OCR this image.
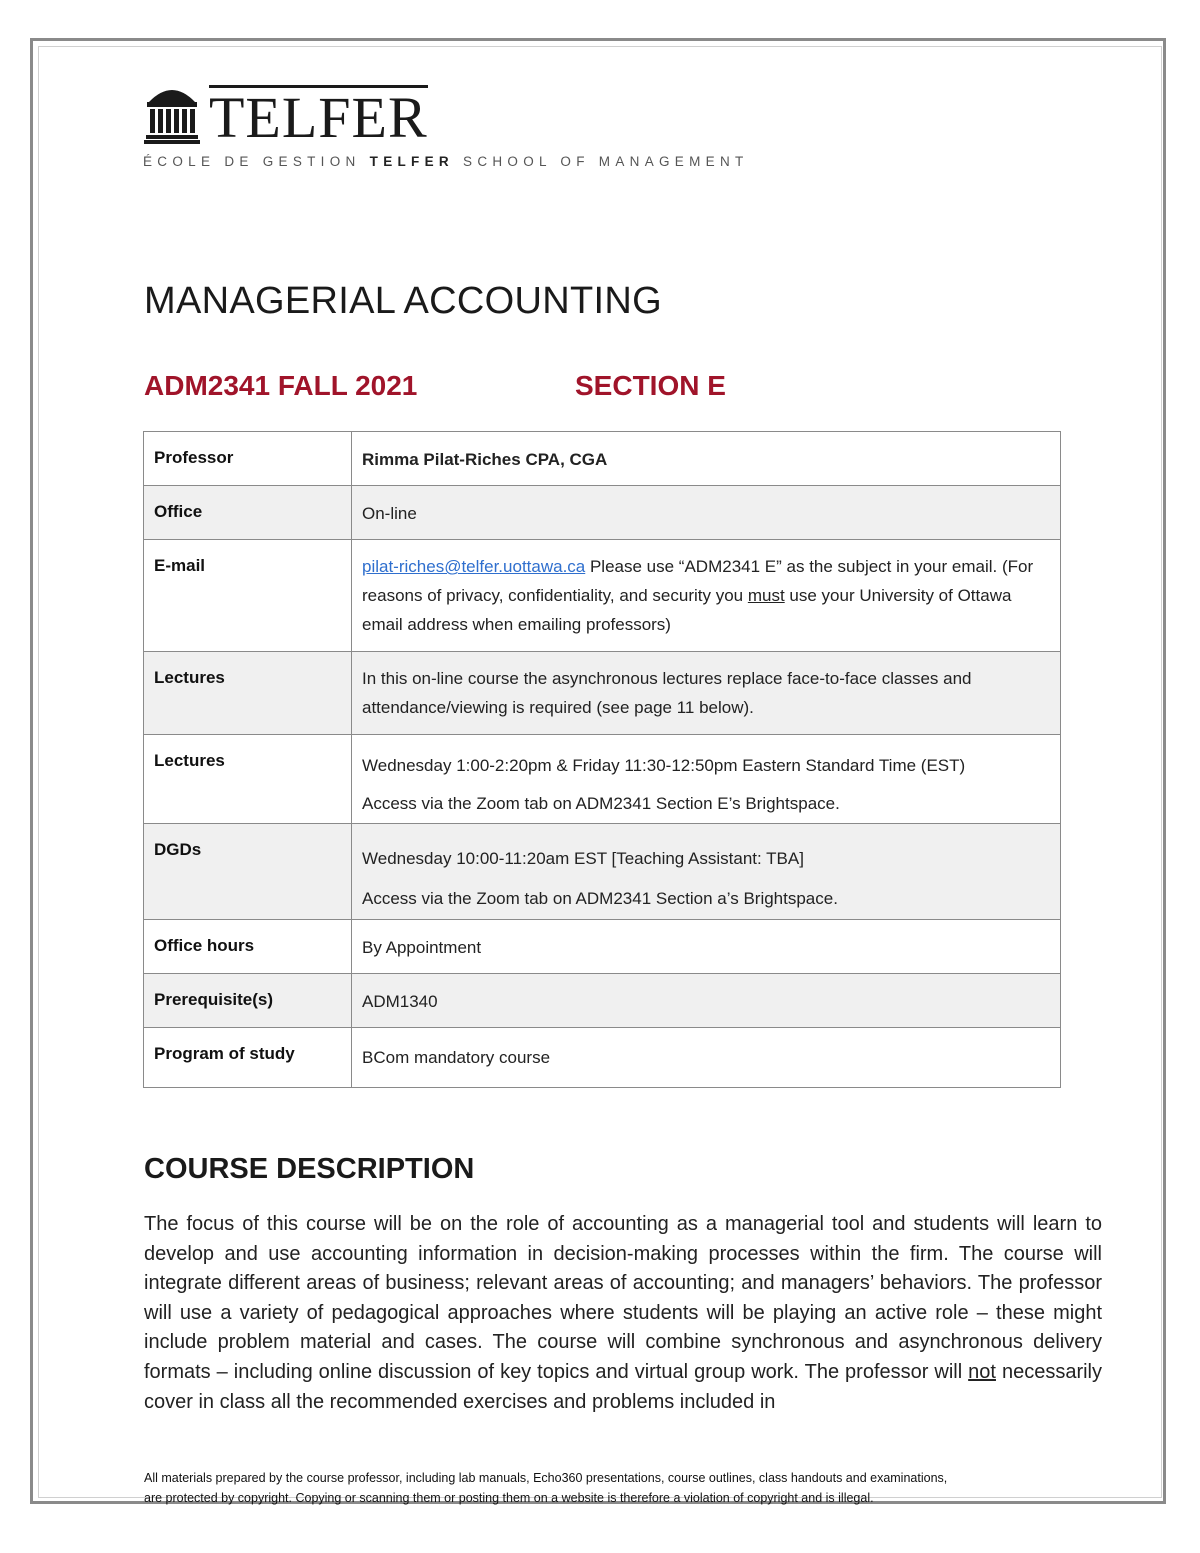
TELFER
ÉCOLE DE GESTION TELFER SCHOOL OF MANAGEMENT
MANAGERIAL ACCOUNTING
ADM2341 FALL 2021	SECTION E
Professor	Rimma Pilat-Riches CPA, CGA
Office	On-line
E-mail	pilat-riches@telfer.uottawa.ca Please use “ADM2341 E” as the subject in your email. (For reasons of privacy, confidentiality, and security you must use your University of Ottawa email address when emailing professors)
Lectures	In this on-line course the asynchronous lectures replace face-to-face classes and attendance/viewing is required (see page 11 below).
Lectures	Wednesday 1:00-2:20pm & Friday 11:30-12:50pm Eastern Standard Time (EST)
Access via the Zoom tab on ADM2341 Section E’s Brightspace.

DGDs	Wednesday 10:00-11:20am EST [Teaching Assistant: TBA]
Access via the Zoom tab on ADM2341 Section a’s Brightspace.

Office hours	By Appointment
Prerequisite(s)	ADM1340
Program of study	BCom mandatory course
COURSE DESCRIPTION
The focus of this course will be on the role of accounting as a managerial tool and students will learn to develop and use accounting information in decision-making processes within the firm. The course will integrate different areas of business; relevant areas of accounting; and managers’ behaviors. The professor will use a variety of pedagogical approaches where students will be playing an active role – these might include problem material and cases. The course will combine synchronous and asynchronous delivery formats – including online discussion of key topics and virtual group work. The professor will not necessarily cover in class all the recommended exercises and problems included in
All materials prepared by the course professor, including lab manuals, Echo360 presentations, course outlines, class handouts and examinations,
are protected by copyright. Copying or scanning them or posting them on a website is therefore a violation of copyright and is illegal.
